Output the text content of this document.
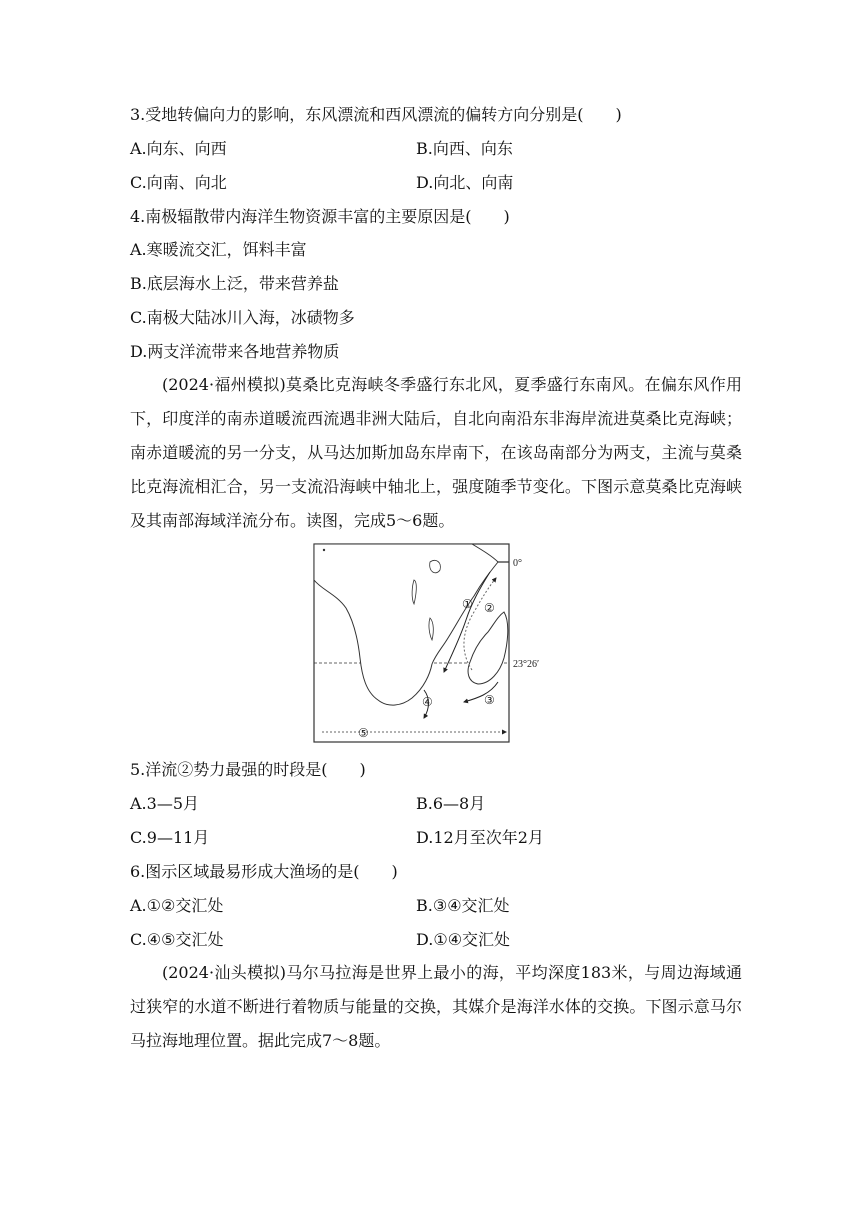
3.受地转偏向力的影响，东风漂流和西风漂流的偏转方向分别是(　　)
A.向东、向西	B.向西、向东
C.向南、向北	D.向北、向南
4.南极辐散带内海洋生物资源丰富的主要原因是(　　)
A.寒暖流交汇，饵料丰富
B.底层海水上泛，带来营养盐
C.南极大陆冰川入海，冰碛物多
D.两支洋流带来各地营养物质
(2024·福州模拟)莫桑比克海峡冬季盛行东北风，夏季盛行东南风。在偏东风作用下，印度洋的南赤道暖流西流遇非洲大陆后，自北向南沿东非海岸流进莫桑比克海峡；南赤道暖流的另一分支，从马达加斯加岛东岸南下，在该岛南部分为两支，主流与莫桑比克海流相汇合，另一支流沿海峡中轴北上，强度随季节变化。下图示意莫桑比克海峡及其南部海域洋流分布。读图，完成5～6题。
0°
23°26′
① ②
③
④
⑤
5.洋流②势力最强的时段是(　　)
A.3—5月	B.6—8月
C.9—11月	D.12月至次年2月
6.图示区域最易形成大渔场的是(　　)
A.①②交汇处	B.③④交汇处
C.④⑤交汇处	D.①④交汇处
(2024·汕头模拟)马尔马拉海是世界上最小的海，平均深度183米，与周边海域通过狭窄的水道不断进行着物质与能量的交换，其媒介是海洋水体的交换。下图示意马尔马拉海地理位置。据此完成7～8题。
